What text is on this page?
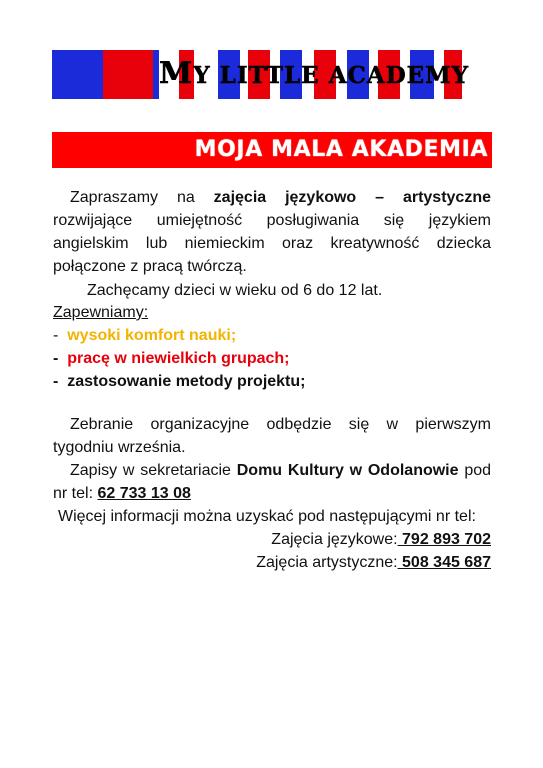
MY LITTLE ACADEMY
MOJA MALA AKADEMIA

Zapraszamy na zajęcia językowo – artystyczne

rozwijające umiejętność posługiwania się językiem

angielskim lub niemieckim oraz kreatywność dziecka

połączone z pracą twórczą.

Zachęcamy dzieci w wieku od 6 do 12 lat.

Zapewniamy:

- wysoki komfort nauki;

- pracę w niewielkich grupach;

- zastosowanie metody projektu;

Zebranie organizacyjne odbędzie się w pierwszym

tygodniu września.

Zapisy w sekretariacie Domu Kultury w Odolanowie pod

nr tel: 62 733 13 08

Więcej informacji można uzyskać pod następującymi nr tel:

Zajęcia językowe: 792 893 702

Zajęcia artystyczne: 508 345 687
